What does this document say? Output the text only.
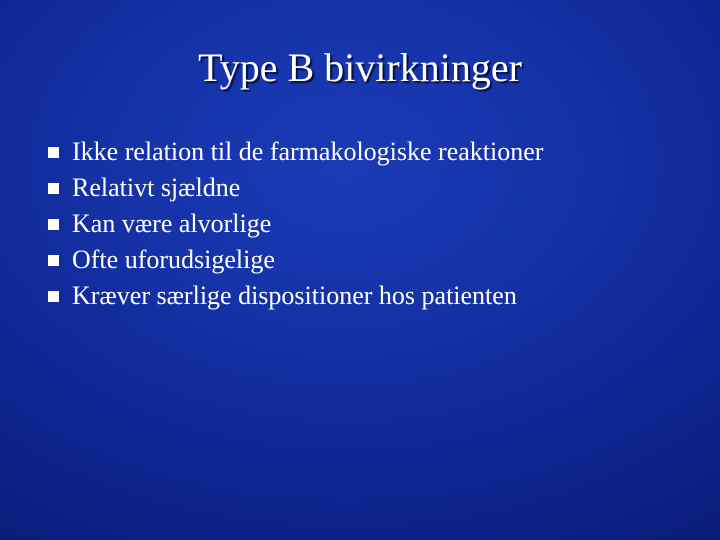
Type B bivirkninger
Ikke relation til de farmakologiske reaktioner
Relativt sjældne
Kan være alvorlige
Ofte uforudsigelige
Kræver særlige dispositioner hos patienten
